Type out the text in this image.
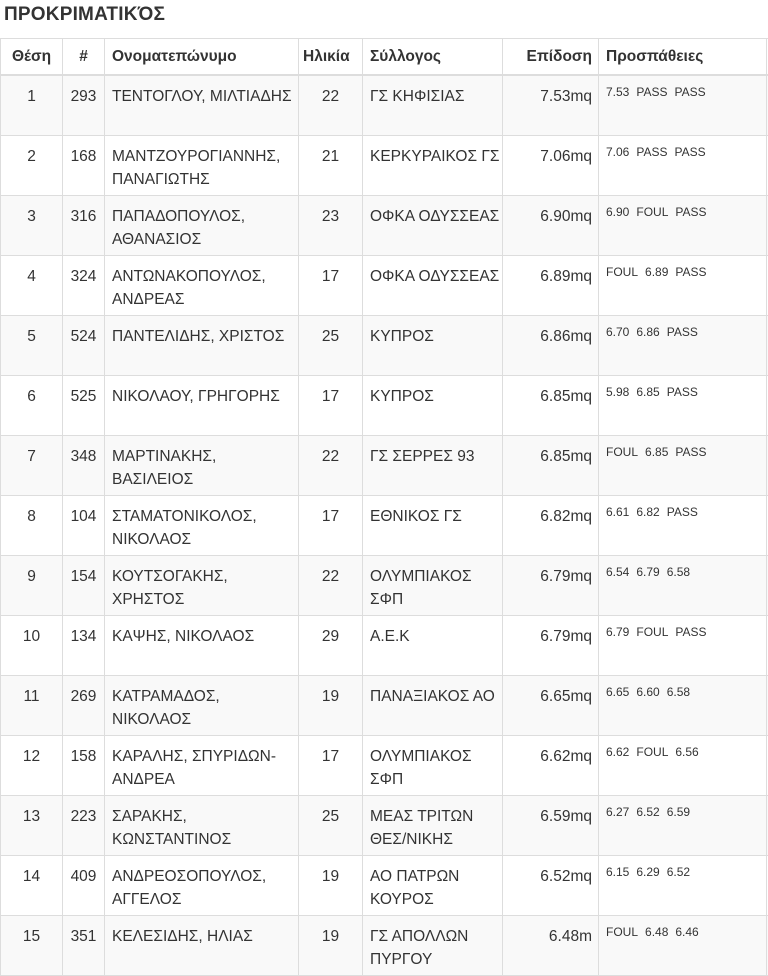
ΠΡΟΚΡΙΜΑΤΙΚΌΣ
Θέση	#	Ονοματεπώνυμο	Ηλικία	Σύλλογος	Επίδοση	Προσπάθειες	

1	293	ΤΕΝΤΟΓΛΟΥ, ΜΙΛΤΙΑΔΗΣ	22	ΓΣ ΚΗΦΙΣΙΑΣ	7.53mq	7.53 PASS PASS	

2	168	ΜΑΝΤΖΟΥΡΟΓΙΑΝΝΗΣ, ΠΑΝΑΓΙΩΤΗΣ	21	ΚΕΡΚΥΡΑΙΚΟΣ ΓΣ	7.06mq	7.06 PASS PASS	

3	316	ΠΑΠΑΔΟΠΟΥΛΟΣ, ΑΘΑΝΑΣΙΟΣ	23	ΟΦΚΑ ΟΔΥΣΣΕΑΣ	6.90mq	6.90 FOUL PASS	

4	324	ΑΝΤΩΝΑΚΟΠΟΥΛΟΣ, ΑΝΔΡΕΑΣ	17	ΟΦΚΑ ΟΔΥΣΣΕΑΣ	6.89mq	FOUL 6.89 PASS	

5	524	ΠΑΝΤΕΛΙΔΗΣ, ΧΡΙΣΤΟΣ	25	ΚΥΠΡΟΣ	6.86mq	6.70 6.86 PASS	

6	525	ΝΙΚΟΛΑΟΥ, ΓΡΗΓΟΡΗΣ	17	ΚΥΠΡΟΣ	6.85mq	5.98 6.85 PASS	

7	348	ΜΑΡΤΙΝΑΚΗΣ, ΒΑΣΙΛΕΙΟΣ	22	ΓΣ ΣΕΡΡΕΣ 93	6.85mq	FOUL 6.85 PASS	

8	104	ΣΤΑΜΑΤΟΝΙΚΟΛΟΣ, ΝΙΚΟΛΑΟΣ	17	ΕΘΝΙΚΟΣ ΓΣ	6.82mq	6.61 6.82 PASS	

9	154	ΚΟΥΤΣΟΓΑΚΗΣ, ΧΡΗΣΤΟΣ	22	ΟΛΥΜΠΙΑΚΟΣ ΣΦΠ	6.79mq	6.54 6.79 6.58	

10	134	ΚΑΨΗΣ, ΝΙΚΟΛΑΟΣ	29	Α.Ε.Κ	6.79mq	6.79 FOUL PASS	

11	269	ΚΑΤΡΑΜΑΔΟΣ, ΝΙΚΟΛΑΟΣ	19	ΠΑΝΑΞΙΑΚΟΣ ΑΟ	6.65mq	6.65 6.60 6.58	

12	158	ΚΑΡΑΛΗΣ, ΣΠΥΡΙΔΩΝ-ΑΝΔΡΕΑ	17	ΟΛΥΜΠΙΑΚΟΣ ΣΦΠ	6.62mq	6.62 FOUL 6.56	

13	223	ΣΑΡΑΚΗΣ, ΚΩΝΣΤΑΝΤΙΝΟΣ	25	ΜΕΑΣ ΤΡΙΤΩΝ ΘΕΣ/ΝΙΚΗΣ	6.59mq	6.27 6.52 6.59	

14	409	ΑΝΔΡΕΟΣΟΠΟΥΛΟΣ, ΑΓΓΕΛΟΣ	19	ΑΟ ΠΑΤΡΩΝ ΚΟΥΡΟΣ	6.52mq	6.15 6.29 6.52	

15	351	ΚΕΛΕΣΙΔΗΣ, ΗΛΙΑΣ	19	ΓΣ ΑΠΟΛΛΩΝ ΠΥΡΓΟΥ	6.48m	FOUL 6.48 6.46	
